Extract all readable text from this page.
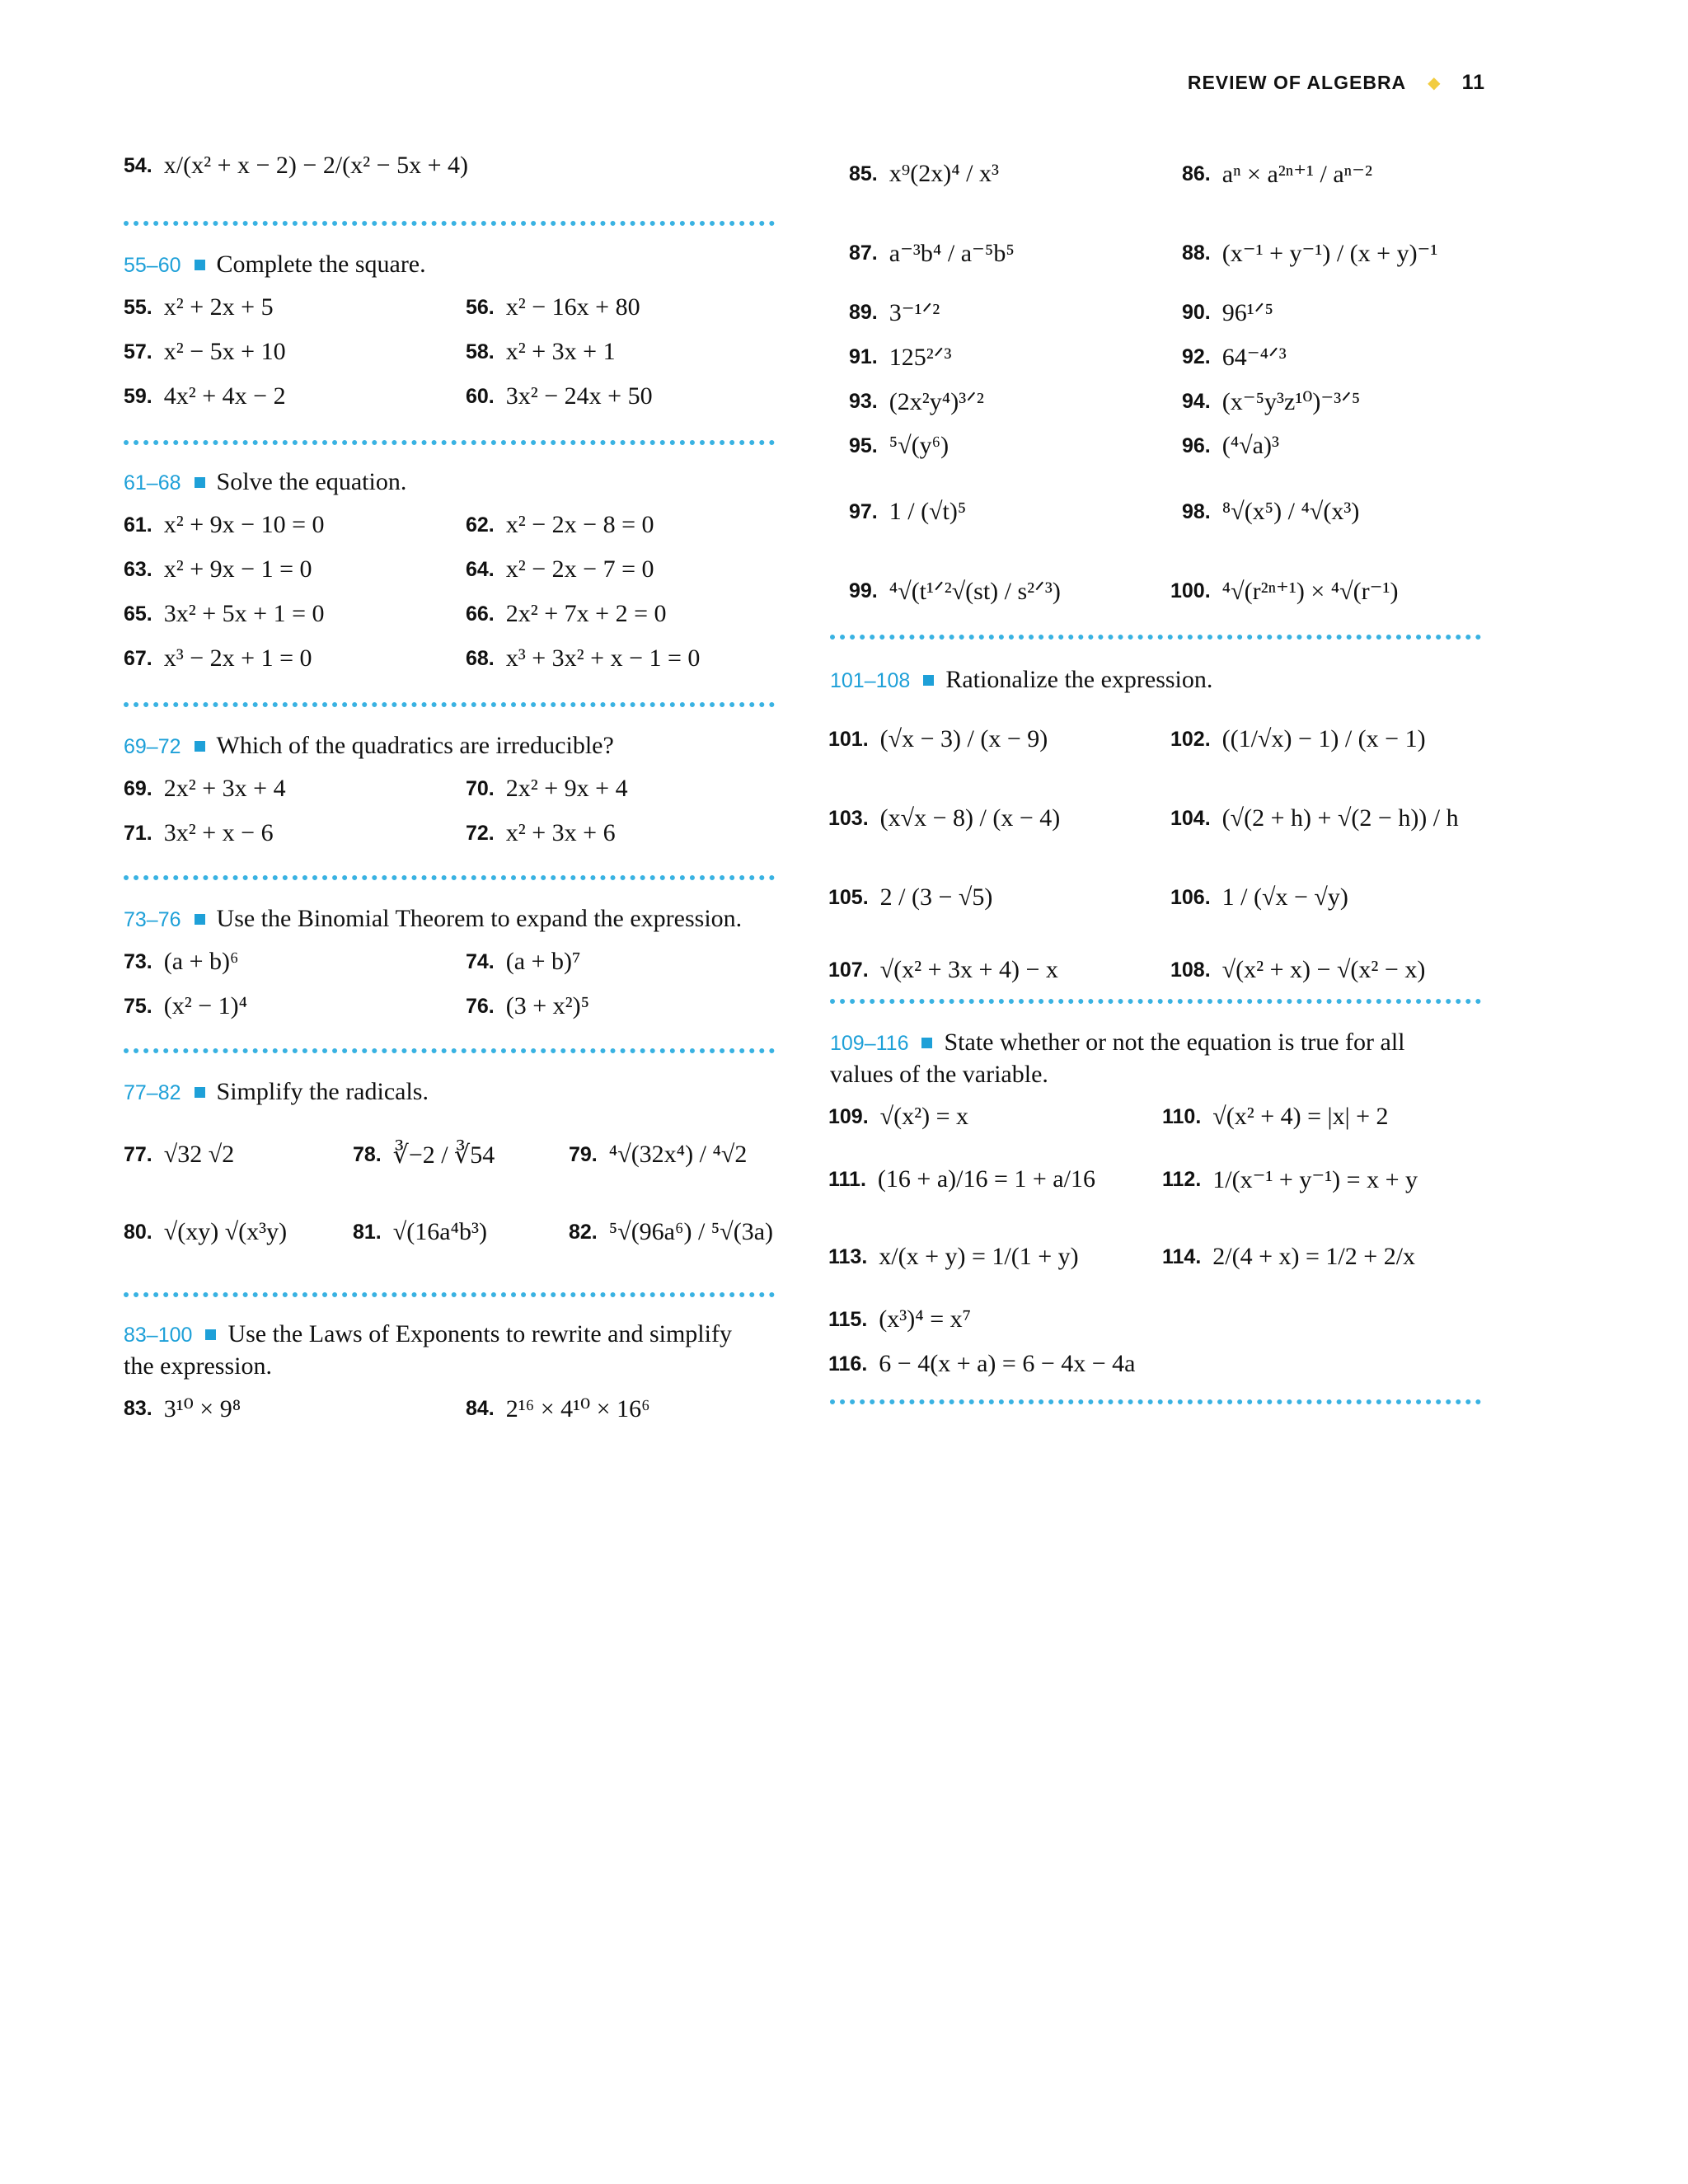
REVIEW OF ALGEBRA ◆ 11
54. x/(x² + x − 2) − 2/(x² − 5x + 4)
55–60 Complete the square.
55. x² + 2x + 5	56. x² − 16x + 80
57. x² − 5x + 10	58. x² + 3x + 1
59. 4x² + 4x − 2	60. 3x² − 24x + 50
61–68 Solve the equation.
61. x² + 9x − 10 = 0	62. x² − 2x − 8 = 0
63. x² + 9x − 1 = 0	64. x² − 2x − 7 = 0
65. 3x² + 5x + 1 = 0	66. 2x² + 7x + 2 = 0
67. x³ − 2x + 1 = 0	68. x³ + 3x² + x − 1 = 0
69–72 Which of the quadratics are irreducible?
69. 2x² + 3x + 4	70. 2x² + 9x + 4
71. 3x² + x − 6	72. x² + 3x + 6
73–76 Use the Binomial Theorem to expand the expression.
73. (a + b)⁶	74. (a + b)⁷
75. (x² − 1)⁴	76. (3 + x²)⁵
77–82 Simplify the radicals.
77. √32 √2	78. ∛−2 / ∛54	79. ⁴√(32x⁴) / ⁴√2
80. √(xy) √(x³y)	81. √(16a⁴b³)	82. ⁵√(96a⁶) / ⁵√(3a)
83–100 Use the Laws of Exponents to rewrite and simplify the expression.
83. 3¹⁰ × 9⁸	84. 2¹⁶ × 4¹⁰ × 16⁶
85. x⁹(2x)⁴ / x³	86. aⁿ × a²ⁿ⁺¹ / aⁿ⁻²
87. a⁻³b⁴ / a⁻⁵b⁵	88. (x⁻¹ + y⁻¹) / (x + y)⁻¹
89. 3⁻¹ᐟ²	90. 96¹ᐟ⁵
91. 125²ᐟ³	92. 64⁻⁴ᐟ³
93. (2x²y⁴)³ᐟ²	94. (x⁻⁵y³z¹⁰)⁻³ᐟ⁵
95. ⁵√(y⁶)	96. (⁴√a)³
97. 1 / (√t)⁵	98. ⁸√(x⁵) / ⁴√(x³)
99. ⁴√(t¹ᐟ²√(st) / s²ᐟ³)	100. ⁴√(r²ⁿ⁺¹) × ⁴√(r⁻¹)
101–108 Rationalize the expression.
101. (√x − 3) / (x − 9)	102. ((1/√x) − 1) / (x − 1)
103. (x√x − 8) / (x − 4)	104. (√(2 + h) + √(2 − h)) / h
105. 2 / (3 − √5)	106. 1 / (√x − √y)
107. √(x² + 3x + 4) − x	108. √(x² + x) − √(x² − x)
109–116 State whether or not the equation is true for all values of the variable.
109. √(x²) = x	110. √(x² + 4) = |x| + 2
111. (16 + a)/16 = 1 + a/16	112. 1/(x⁻¹ + y⁻¹) = x + y
113. x/(x + y) = 1/(1 + y)	114. 2/(4 + x) = 1/2 + 2/x
115. (x³)⁴ = x⁷
116. 6 − 4(x + a) = 6 − 4x − 4a
